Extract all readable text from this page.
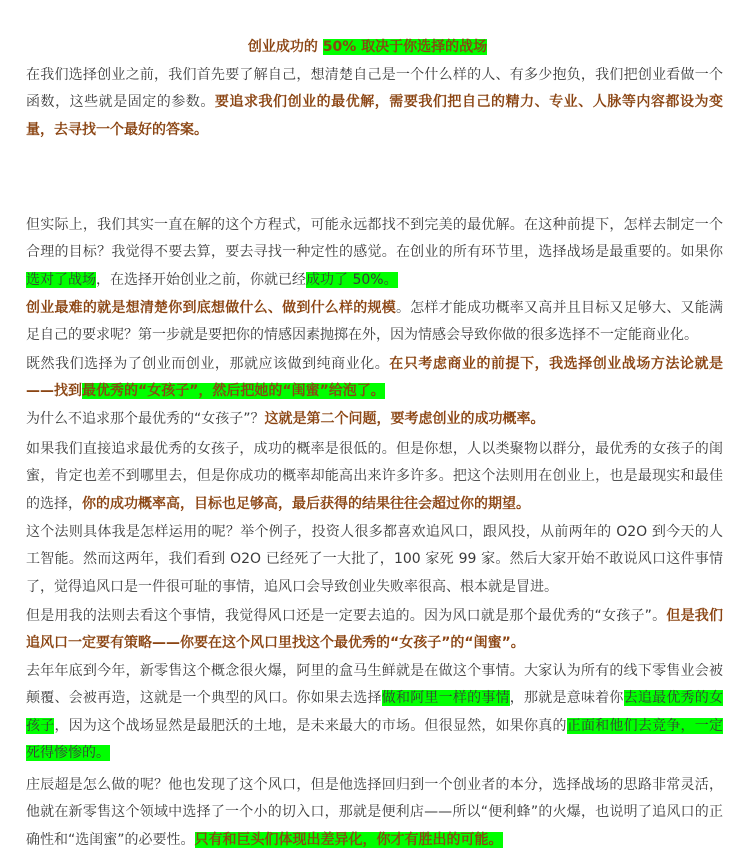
创业成功的 50% 取决于你选择的战场
在我们选择创业之前，我们首先要了解自己，想清楚自己是一个什么样的人、有多少抱负，我们把创业看做一个函数，这些就是固定的参数。要追求我们创业的最优解，需要我们把自己的精力、专业、人脉等内容都设为变量，去寻找一个最好的答案。
但实际上，我们其实一直在解的这个方程式，可能永远都找不到完美的最优解。在这种前提下，怎样去制定一个合理的目标？我觉得不要去算，要去寻找一种定性的感觉。在创业的所有环节里，选择战场是最重要的。如果你选对了战场，在选择开始创业之前，你就已经成功了 50%。
创业最难的就是想清楚你到底想做什么、做到什么样的规模。怎样才能成功概率又高并且目标又足够大、又能满足自己的要求呢？第一步就是要把你的情感因素抛掷在外，因为情感会导致你做的很多选择不一定能商业化。
既然我们选择为了创业而创业，那就应该做到纯商业化。在只考虑商业的前提下，我选择创业战场方法论就是——找到最优秀的“女孩子”，然后把她的“闺蜜”给泡了。
为什么不追求那个最优秀的“女孩子”？这就是第二个问题，要考虑创业的成功概率。
如果我们直接追求最优秀的女孩子，成功的概率是很低的。但是你想，人以类聚物以群分，最优秀的女孩子的闺蜜，肯定也差不到哪里去，但是你成功的概率却能高出来许多许多。把这个法则用在创业上，也是最现实和最佳的选择，你的成功概率高，目标也足够高，最后获得的结果往往会超过你的期望。
这个法则具体我是怎样运用的呢？举个例子，投资人很多都喜欢追风口，跟风投，从前两年的 O2O 到今天的人工智能。然而这两年，我们看到 O2O 已经死了一大批了，100 家死 99 家。然后大家开始不敢说风口这件事情了，觉得追风口是一件很可耻的事情，追风口会导致创业失败率很高、根本就是冒进。
但是用我的法则去看这个事情，我觉得风口还是一定要去追的。因为风口就是那个最优秀的“女孩子”。但是我们追风口一定要有策略——你要在这个风口里找这个最优秀的“女孩子”的“闺蜜”。
去年年底到今年，新零售这个概念很火爆，阿里的盒马生鲜就是在做这个事情。大家认为所有的线下零售业会被颠覆、会被再造，这就是一个典型的风口。你如果去选择做和阿里一样的事情，那就是意味着你去追最优秀的女孩子，因为这个战场显然是最肥沃的土地，是未来最大的市场。但很显然，如果你真的正面和他们去竞争，一定死得惨惨的。
庄辰超是怎么做的呢？他也发现了这个风口，但是他选择回归到一个创业者的本分，选择战场的思路非常灵活，他就在新零售这个领域中选择了一个小的切入口，那就是便利店——所以“便利蜂”的火爆，也说明了追风口的正确性和“选闺蜜”的必要性。只有和巨头们体现出差异化，你才有胜出的可能。
